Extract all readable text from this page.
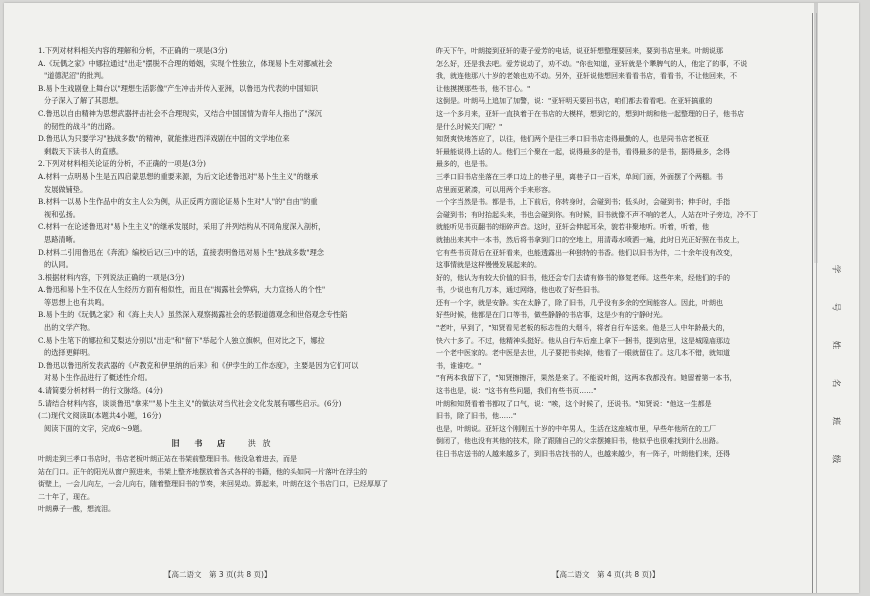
1.下列对材料相关内容的理解和分析，不正确的一项是(3分)

A.《玩偶之家》中娜拉通过"出走"摆脱不合理的婚姻，实现个性独立，体现易卜生对挪威社会

"道德泥沼"的批判。

B.易卜生戏剧登上舞台以"理想生活影像"产生冲击并传入亚洲，以鲁迅为代表的中国知识

分子深入了解了其思想。

C.鲁迅以自由精神为思想武器抨击社会不合理现实，又结合中国国情为青年人指出了"深沉

的韧性的战斗"的出路。

D.鲁迅认为只要学习"独战多数"的精神，就能推进西洋戏剧在中国的文学地位来

剩载天下读书人的直感。

2.下列对材料相关论证的分析，不正确的一项是(3分)

A.材料一点明易卜生是五四启蒙思想的重要来源，为后文论述鲁迅对"易卜生主义"的继承

发展做铺垫。

B.材料一以易卜生作品中的女主人公为例，从正反两方面论证易卜生对"人"的"自由"的重

视和弘扬。

C.材料一在论述鲁迅对"易卜生主义"的继承发展时，采用了并列结构从不同角度深入剖析，

思路清晰。

D.材料二引用鲁迅在《奔流》编校后记(三)中的话，直接表明鲁迅对易卜生"独战多数"理念

的认同。

3.根据材料内容，下列说法正确的一项是(3分)

A.鲁迅和易卜生不仅在人生经历方面有相似性，而且在"揭露社会弊病，大力宣扬人的个性"

等思想上也有共鸣。

B.易卜生的《玩偶之家》和《海上夫人》虽然深入观察揭露社会的恶假道德观念和世俗观念专性陷

出的文学产物。

C.易卜生笔下的娜拉和艾梨达分别以"出走"和"留下"举起个人独立旗帜，但对比之下，娜拉

的选择更鲜明。

D.鲁迅以鲁迅所发表武器的《卢教克和伊里纳的后来》和《伊孛生的工作态度》，主要是因为它们可以

对易卜生作品进行了概述性介绍。

4.请简要分析材料一的行文脉络。(4分)

5.请结合材料内容，谈谈鲁迅"拿来""易卜生主义"的做法对当代社会文化发展有哪些启示。(6分)

(二)现代文阅读Ⅱ(本题共4小题，16分)

阅读下面的文字，完成6～9题。

旧 书 店 洪 放

叶朗走到三孝口书店时，书店老板叶朗正站在书架前整理旧书。他没急着进去，而是

站在门口。正午的阳光从窗户照进来，书架上整齐地摆放着各式各样的书籍，他的头如同一片落叶在浮尘的

街壁上，一会儿向左，一会儿向右，随着整理旧书的节奏，来回晃动。算起来，叶朗在这个书店门口，已经厚厚了

二十年了，现在。

叶朗鼻子一酸，想流泪。

【高二语文　第 3 页(共 8 页)】

昨天下午，叶朗接到亚轩的妻子爱芳的电话，说亚轩想整理要回来，要到书店里来。叶朗说那

怎么好，还是我去吧。爱芳说动了，劝不动。"你也知道，亚轩就是个犟脾气的人，他定了的事，不说

我，就连他那八十岁的老娘也劝不动。另外，亚轩说他想回来看看书店，看看书，不让他回来，不

让他摸摸那些书，他不甘心。"

这倒是。叶朗马上追加了加警，说："亚轩明天要回书店，咱们都去看看吧。在亚轩搞重的

这一个多月来，亚轩一直执着于在书店的大模样，想到它的，想到叶朗和他一起整理的日子，他书店

是什么时候关门呢？"

知贤爽快地答应了，以往，他们两个是往三孝口旧书店走得最勤的人，也是同书店老板亚

轩最能说得上话的人。他们三个聚在一起，说得最多的是书，看得最多的是书，据得最多，念得

最多的，也是书。

三孝口旧书店坐落在三孝口边上的巷子里，离巷子口一百米，单间门面，外面摆了个两棚。书

店里面更紧凑，可以用两个手来形容。

一个字当然是书。都是书，上下前后，你转身时，会碰到书；低头时，会碰到书；伸手时，手指

会碰到书；有时抬起头来，书也会碰到你。有时候，旧书就像不声不响的老人，人站在叶子旁边，冷不丁

就能听见书页翻书的细碎声音。这时，亚轩会伸起耳朵，貌若非聚地听。听着，听着，他

就抽出来其中一本书，然后将书拿到门口的空地上，用清毒水喷洒一遍，此时日光正好照在书皮上，

它有些书页背后在亚轩看来，也能透露出一种独特的书香。他们以旧书为伴，二十余年没有改变，

这事情就是这样慢慢发展起来的。

好的，他认为有较大价值的旧书，他还会专门去请有修书的修复老师。这些年来，经他们的手的

书，少说也有几万本，通过网络，他也收了好些旧书。

还有一个字，就是安静。实在太静了，除了旧书，几乎没有多余的空间能容人。因此，叶朗也

好些时候，他都是在门口等书，做些静静的书店事，这是少有的宁静时光。

"老叶，早到了，"知贤看见老板的标志性的大烟斗，将者自行车送来。他是三人中年龄最大的，

快六十多了。不过，他精神头挺好。他从自行车后座上拿下一捆书，提到店里，这是城隍庙那边

一个老中医家的。老中医是去世，儿子要把书卖掉，他看了一眼就留住了。这几本不错，就知道

书，谁谁吃。"

"有两本我留下了，"知贤擦擦汗，果然是来了。不能说叶朗，这两本我都没有。她留着第一本书，

这书也是，说："这书有些问题，我们有些书页……"

叶朗和知贤看着书都叹了口气，说："唉，这个时候了，还说书。"知贤说："他这一生都是

旧书，除了旧书，他……"

也是，叶朗说。亚轩这个刚刚五十岁的中年男人，生活在这座城市里，早些年他所在的工厂

倒闭了，他也没有其他的技术，除了跟随自己的父亲摆摊旧书，他似乎也很难找到什么出路。

往日书店送书的人越来越多了，到旧书店找书的人，也越来越少，有一阵子，叶朗他们来，还得

【高二语文　第 4 页(共 8 页)】
学
号
姓
名
班
级
